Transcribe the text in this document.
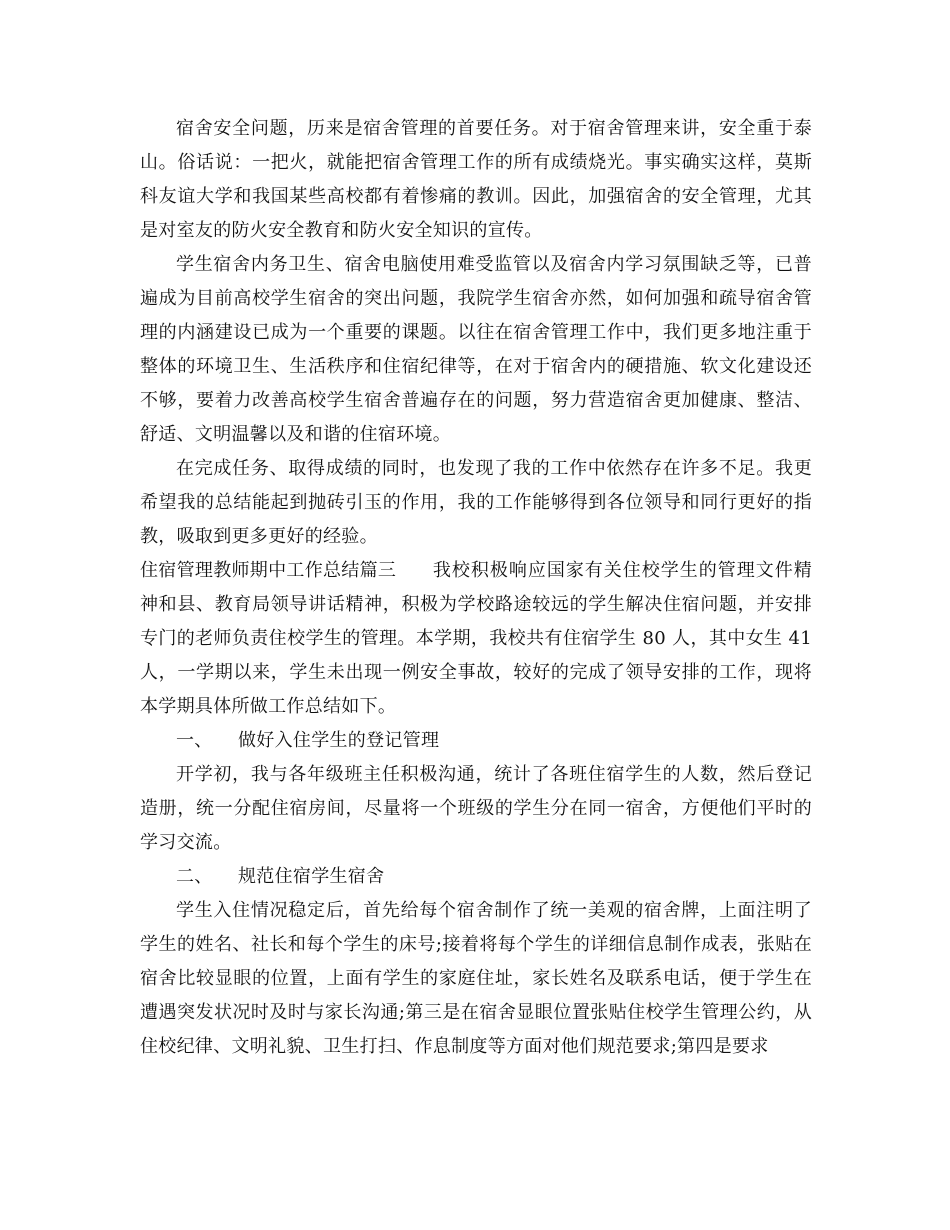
宿舍安全问题，历来是宿舍管理的首要任务。对于宿舍管理来讲，安全重于泰山。俗话说：一把火，就能把宿舍管理工作的所有成绩烧光。事实确实这样，莫斯科友谊大学和我国某些高校都有着惨痛的教训。因此，加强宿舍的安全管理，尤其是对室友的防火安全教育和防火安全知识的宣传。

学生宿舍内务卫生、宿舍电脑使用难受监管以及宿舍内学习氛围缺乏等，已普遍成为目前高校学生宿舍的突出问题，我院学生宿舍亦然，如何加强和疏导宿舍管理的内涵建设已成为一个重要的课题。以往在宿舍管理工作中，我们更多地注重于整体的环境卫生、生活秩序和住宿纪律等，在对于宿舍内的硬措施、软文化建设还不够，要着力改善高校学生宿舍普遍存在的问题，努力营造宿舍更加健康、整洁、舒适、文明温馨以及和谐的住宿环境。

在完成任务、取得成绩的同时，也发现了我的工作中依然存在许多不足。我更希望我的总结能起到抛砖引玉的作用，我的工作能够得到各位领导和同行更好的指教，吸取到更多更好的经验。

住宿管理教师期中工作总结篇三 我校积极响应国家有关住校学生的管理文件精神和县、教育局领导讲话精神，积极为学校路途较远的学生解决住宿问题，并安排专门的老师负责住校学生的管理。本学期，我校共有住宿学生 80 人，其中女生 41 人，一学期以来，学生未出现一例安全事故，较好的完成了领导安排的工作，现将本学期具体所做工作总结如下。

一、 做好入住学生的登记管理

开学初，我与各年级班主任积极沟通，统计了各班住宿学生的人数，然后登记造册，统一分配住宿房间，尽量将一个班级的学生分在同一宿舍，方便他们平时的学习交流。

二、 规范住宿学生宿舍

学生入住情况稳定后，首先给每个宿舍制作了统一美观的宿舍牌，上面注明了学生的姓名、社长和每个学生的床号;接着将每个学生的详细信息制作成表，张贴在宿舍比较显眼的位置，上面有学生的家庭住址，家长姓名及联系电话，便于学生在遭遇突发状况时及时与家长沟通;第三是在宿舍显眼位置张贴住校学生管理公约，从住校纪律、文明礼貌、卫生打扫、作息制度等方面对他们规范要求;第四是要求
